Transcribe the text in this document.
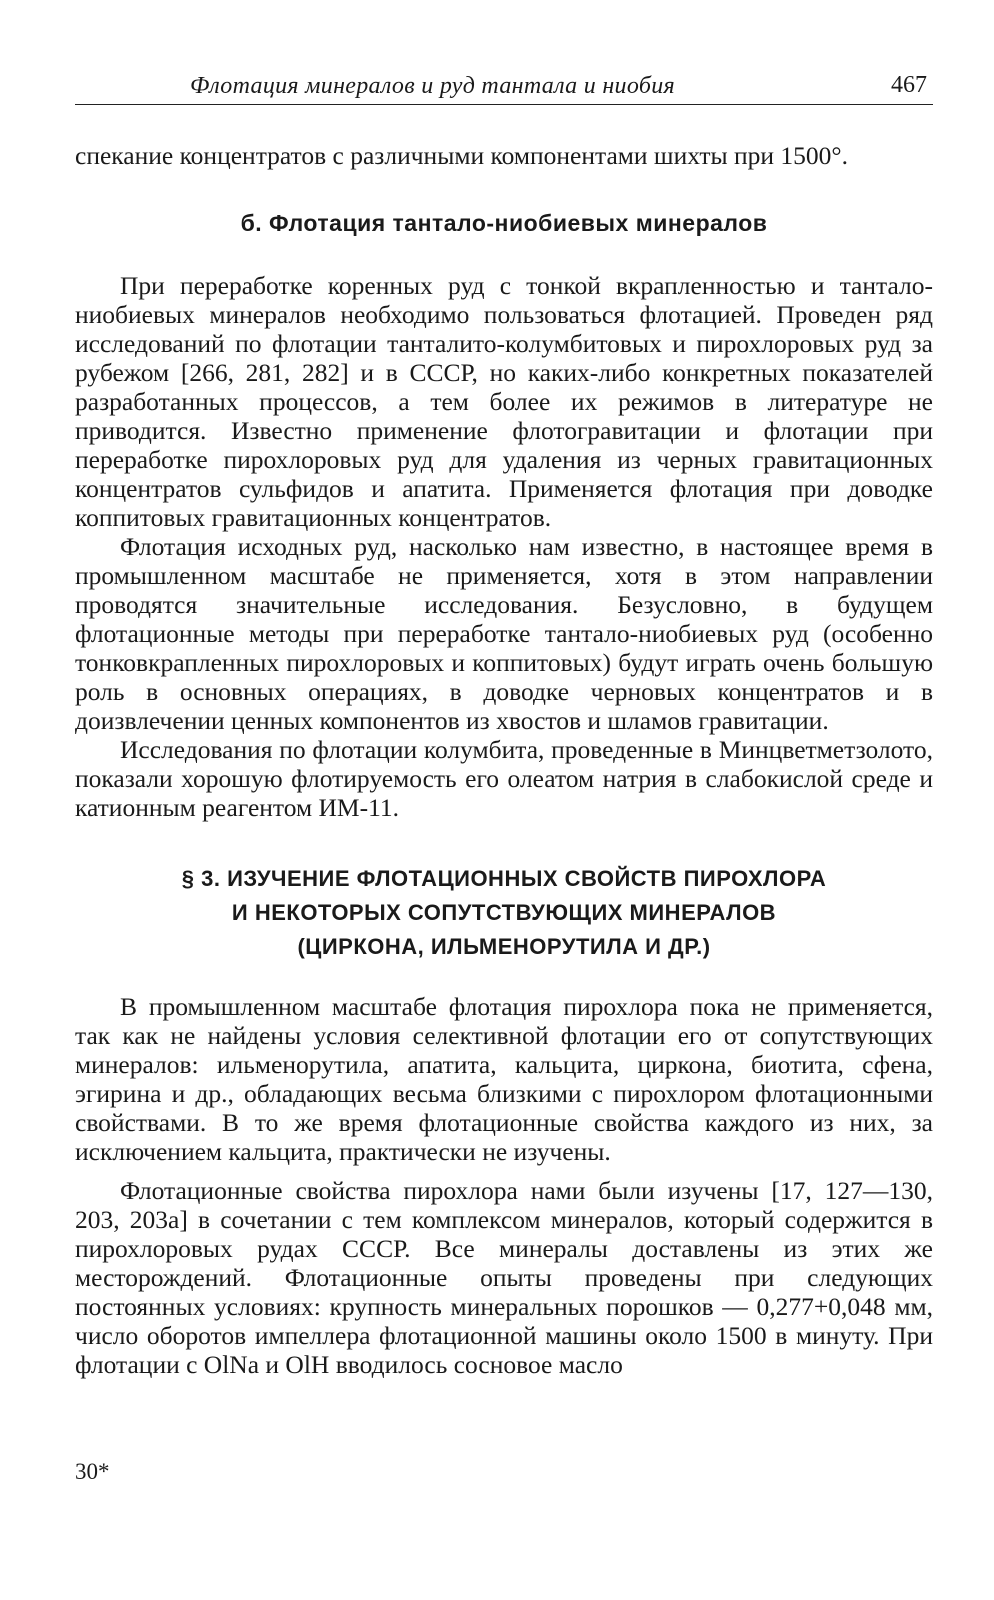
Флотация минералов и руд тантала и ниобия	467

спекание концентратов с различными компонентами шихты при 1500°.

б. Флотация тантало-ниобиевых минералов

При переработке коренных руд с тонкой вкрапленностью и тантало-ниобиевых минералов необходимо пользоваться флотацией. Проведен ряд исследований по флотации танталито-колумбитовых и пирохлоровых руд за рубежом [266, 281, 282] и в СССР, но каких-либо конкретных показателей разработанных процессов, а тем более их режимов в литературе не приводится. Известно применение флотогравитации и флотации при переработке пирохлоровых руд для удаления из черных гравитационных концентратов сульфидов и апатита. Применяется флотация при доводке коппитовых гравитационных концентратов.

Флотация исходных руд, насколько нам известно, в настоящее время в промышленном масштабе не применяется, хотя в этом направлении проводятся значительные исследования. Безусловно, в будущем флотационные методы при переработке тантало-ниобиевых руд (особенно тонковкрапленных пирохлоровых и коппитовых) будут играть очень большую роль в основных операциях, в доводке черновых концентратов и в доизвлечении ценных компонентов из хвостов и шламов гравитации.

Исследования по флотации колумбита, проведенные в Минцветметзолото, показали хорошую флотируемость его олеатом натрия в слабокислой среде и катионным реагентом ИМ-11.

§ 3. ИЗУЧЕНИЕ ФЛОТАЦИОННЫХ СВОЙСТВ ПИРОХЛОРА
И НЕКОТОРЫХ СОПУТСТВУЮЩИХ МИНЕРАЛОВ
(ЦИРКОНА, ИЛЬМЕНОРУТИЛА И ДР.)

В промышленном масштабе флотация пирохлора пока не применяется, так как не найдены условия селективной флотации его от сопутствующих минералов: ильменорутила, апатита, кальцита, циркона, биотита, сфена, эгирина и др., обладающих весьма близкими с пирохлором флотационными свойствами. В то же время флотационные свойства каждого из них, за исключением кальцита, практически не изучены.

Флотационные свойства пирохлора нами были изучены [17, 127—130, 203, 203а] в сочетании с тем комплексом минералов, который содержится в пирохлоровых рудах СССР. Все минералы доставлены из этих же месторождений. Флотационные опыты проведены при следующих постоянных условиях: крупность минеральных порошков — 0,277+0,048 мм, число оборотов импеллера флотационной машины около 1500 в минуту. При флотации с OlNa и OlH вводилось сосновое масло

30*
